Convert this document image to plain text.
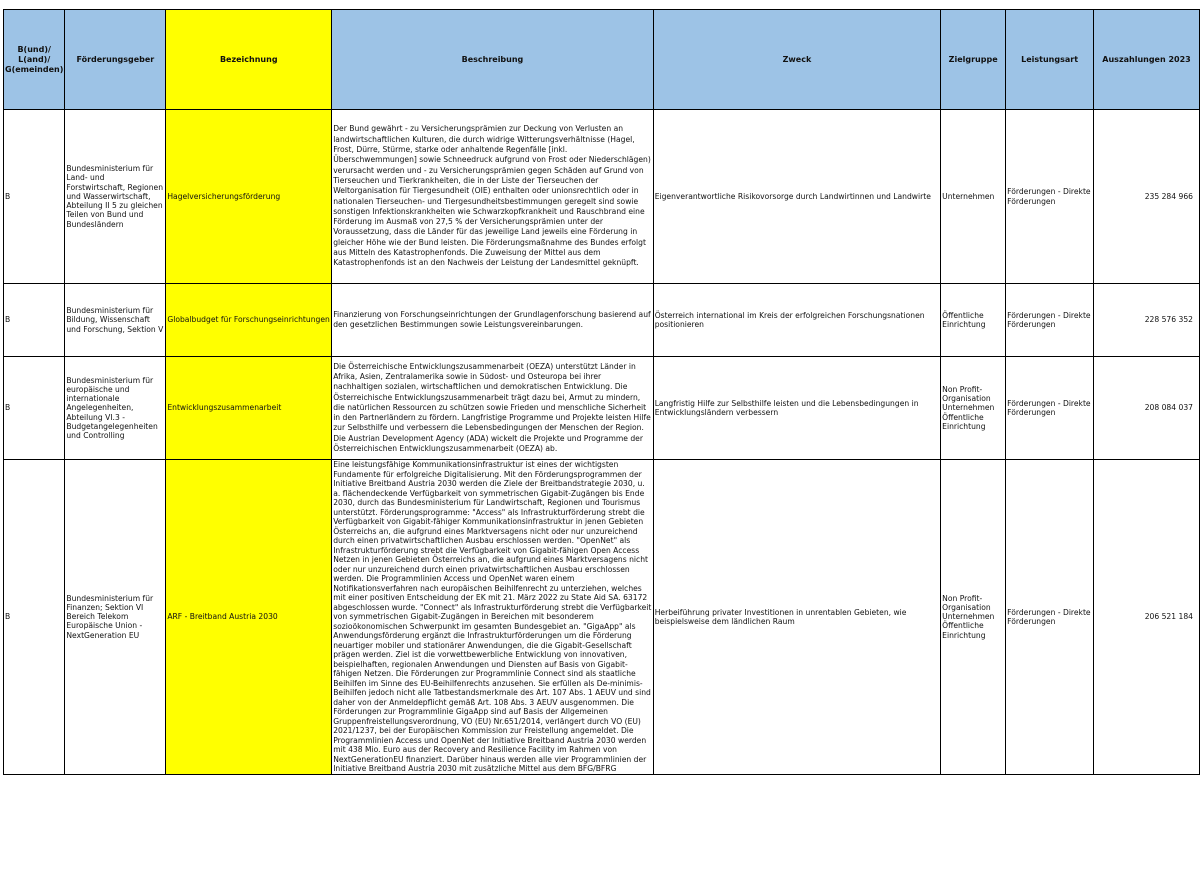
B(und)/ L(and)/ G(emeinden)	Förderungsgeber	Bezeichnung	Beschreibung	Zweck	Zielgruppe	Leistungsart	Auszahlungen 2023
B	Bundesministerium für Land- und Forstwirtschaft, Regionen und Wasserwirtschaft, Abteilung II 5 zu gleichen Teilen von Bund und Bundesländern	Hagelversicherungsförderung	Der Bund gewährt - zu Versicherungsprämien zur Deckung von Verlusten an landwirtschaftlichen Kulturen, die durch widrige Witterungsverhältnisse (Hagel, Frost, Dürre, Stürme, starke oder anhaltende Regenfälle [inkl. Überschwemmungen] sowie Schneedruck aufgrund von Frost oder Niederschlägen) verursacht werden und - zu Versicherungsprämien gegen Schäden auf Grund von Tierseuchen und Tierkrankheiten, die in der Liste der Tierseuchen der Weltorganisation für Tiergesundheit (OIE) enthalten oder unionsrechtlich oder in nationalen Tierseuchen- und Tiergesundheitsbestimmungen geregelt sind sowie sonstigen Infektionskrankheiten wie Schwarzkopfkrankheit und Rauschbrand eine Förderung im Ausmaß von 27,5 % der Versicherungsprämien unter der Voraussetzung, dass die Länder für das jeweilige Land jeweils eine Förderung in gleicher Höhe wie der Bund leisten. Die Förderungsmaßnahme des Bundes erfolgt aus Mitteln des Katastrophenfonds. Die Zuweisung der Mittel aus dem Katastrophenfonds ist an den Nachweis der Leistung der Landesmittel geknüpft.	Eigenverantwortliche Risikovorsorge durch Landwirtinnen und Landwirte	Unternehmen	Förderungen - Direkte Förderungen	235 284 966
B	Bundesministerium für Bildung, Wissenschaft und Forschung, Sektion V	Globalbudget für Forschungseinrichtungen	Finanzierung von Forschungseinrichtungen der Grundlagenforschung basierend auf den gesetzlichen Bestimmungen sowie Leistungsvereinbarungen.	Österreich international im Kreis der erfolgreichen Forschungsnationen positionieren	Öffentliche Einrichtung	Förderungen - Direkte Förderungen	228 576 352
B	Bundesministerium für europäische und internationale Angelegenheiten, Abteilung VI.3 - Budgetangelegenheiten und Controlling	Entwicklungszusammenarbeit	Die Österreichische Entwicklungszusammenarbeit (OEZA) unterstützt Länder in Afrika, Asien, Zentralamerika sowie in Südost- und Osteuropa bei ihrer nachhaltigen sozialen, wirtschaftlichen und demokratischen Entwicklung. Die Österreichische Entwicklungszusammenarbeit trägt dazu bei, Armut zu mindern, die natürlichen Ressourcen zu schützen sowie Frieden und menschliche Sicherheit in den Partnerländern zu fördern. Langfristige Programme und Projekte leisten Hilfe zur Selbsthilfe und verbessern die Lebensbedingungen der Menschen der Region. Die Austrian Development Agency (ADA) wickelt die Projekte und Programme der Österreichischen Entwicklungszusammenarbeit (OEZA) ab.	Langfristig Hilfe zur Selbsthilfe leisten und die Lebensbedingungen in Entwicklungsländern verbessern	Non Profit-Organisation Unternehmen Öffentliche Einrichtung	Förderungen - Direkte Förderungen	208 084 037
B	Bundesministerium für Finanzen; Sektion VI Bereich Telekom Europäische Union - NextGeneration EU	ARF - Breitband Austria 2030	Eine leistungsfähige Kommunikationsinfrastruktur ist eines der wichtigsten Fundamente für erfolgreiche Digitalisierung. Mit den Förderungsprogrammen der Initiative Breitband Austria 2030 werden die Ziele der Breitbandstrategie 2030, u. a. flächendeckende Verfügbarkeit von symmetrischen Gigabit-Zugängen bis Ende 2030, durch das Bundesministerium für Landwirtschaft, Regionen und Tourismus unterstützt. Förderungsprogramme: "Access" als Infrastrukturförderung strebt die Verfügbarkeit von Gigabit-fähiger Kommunikationsinfrastruktur in jenen Gebieten Österreichs an, die aufgrund eines Marktversagens nicht oder nur unzureichend durch einen privatwirtschaftlichen Ausbau erschlossen werden. "OpenNet" als Infrastrukturförderung strebt die Verfügbarkeit von Gigabit-fähigen Open Access Netzen in jenen Gebieten Österreichs an, die aufgrund eines Marktversagens nicht oder nur unzureichend durch einen privatwirtschaftlichen Ausbau erschlossen werden. Die Programmlinien Access und OpenNet waren einem Notifikationsverfahren nach europäischen Beihilfenrecht zu unterziehen, welches mit einer positiven Entscheidung der EK mit 21. März 2022 zu State Aid SA. 63172 abgeschlossen wurde. "Connect" als Infrastrukturförderung strebt die Verfügbarkeit von symmetrischen Gigabit-Zugängen in Bereichen mit besonderem sozioökonomischen Schwerpunkt im gesamten Bundesgebiet an. "GigaApp" als Anwendungsförderung ergänzt die Infrastrukturförderungen um die Förderung neuartiger mobiler und stationärer Anwendungen, die die Gigabit-Gesellschaft prägen werden. Ziel ist die vorwettbewerbliche Entwicklung von innovativen, beispielhaften, regionalen Anwendungen und Diensten auf Basis von Gigabit-fähigen Netzen. Die Förderungen zur Programmlinie Connect sind als staatliche Beihilfen im Sinne des EU-Beihilfenrechts anzusehen. Sie erfüllen als De-minimis-Beihilfen jedoch nicht alle Tatbestandsmerkmale des Art. 107 Abs. 1 AEUV und sind daher von der Anmeldepflicht gemäß Art. 108 Abs. 3 AEUV ausgenommen. Die Förderungen zur Programmlinie GigaApp sind auf Basis der Allgemeinen Gruppenfreistellungsverordnung, VO (EU) Nr.651/2014, verlängert durch VO (EU) 2021/1237, bei der Europäischen Kommission zur Freistellung angemeldet. Die Programmlinien Access und OpenNet der Initiative Breitband Austria 2030 werden mit 438 Mio. Euro aus der Recovery and Resilience Facility im Rahmen von NextGenerationEU finanziert. Darüber hinaus werden alle vier Programmlinien der Initiative Breitband Austria 2030 mit zusätzliche Mittel aus dem BFG/BFRG	Herbeiführung privater Investitionen in unrentablen Gebieten, wie beispielsweise dem ländlichen Raum	Non Profit-Organisation Unternehmen Öffentliche Einrichtung	Förderungen - Direkte Förderungen	206 521 184
